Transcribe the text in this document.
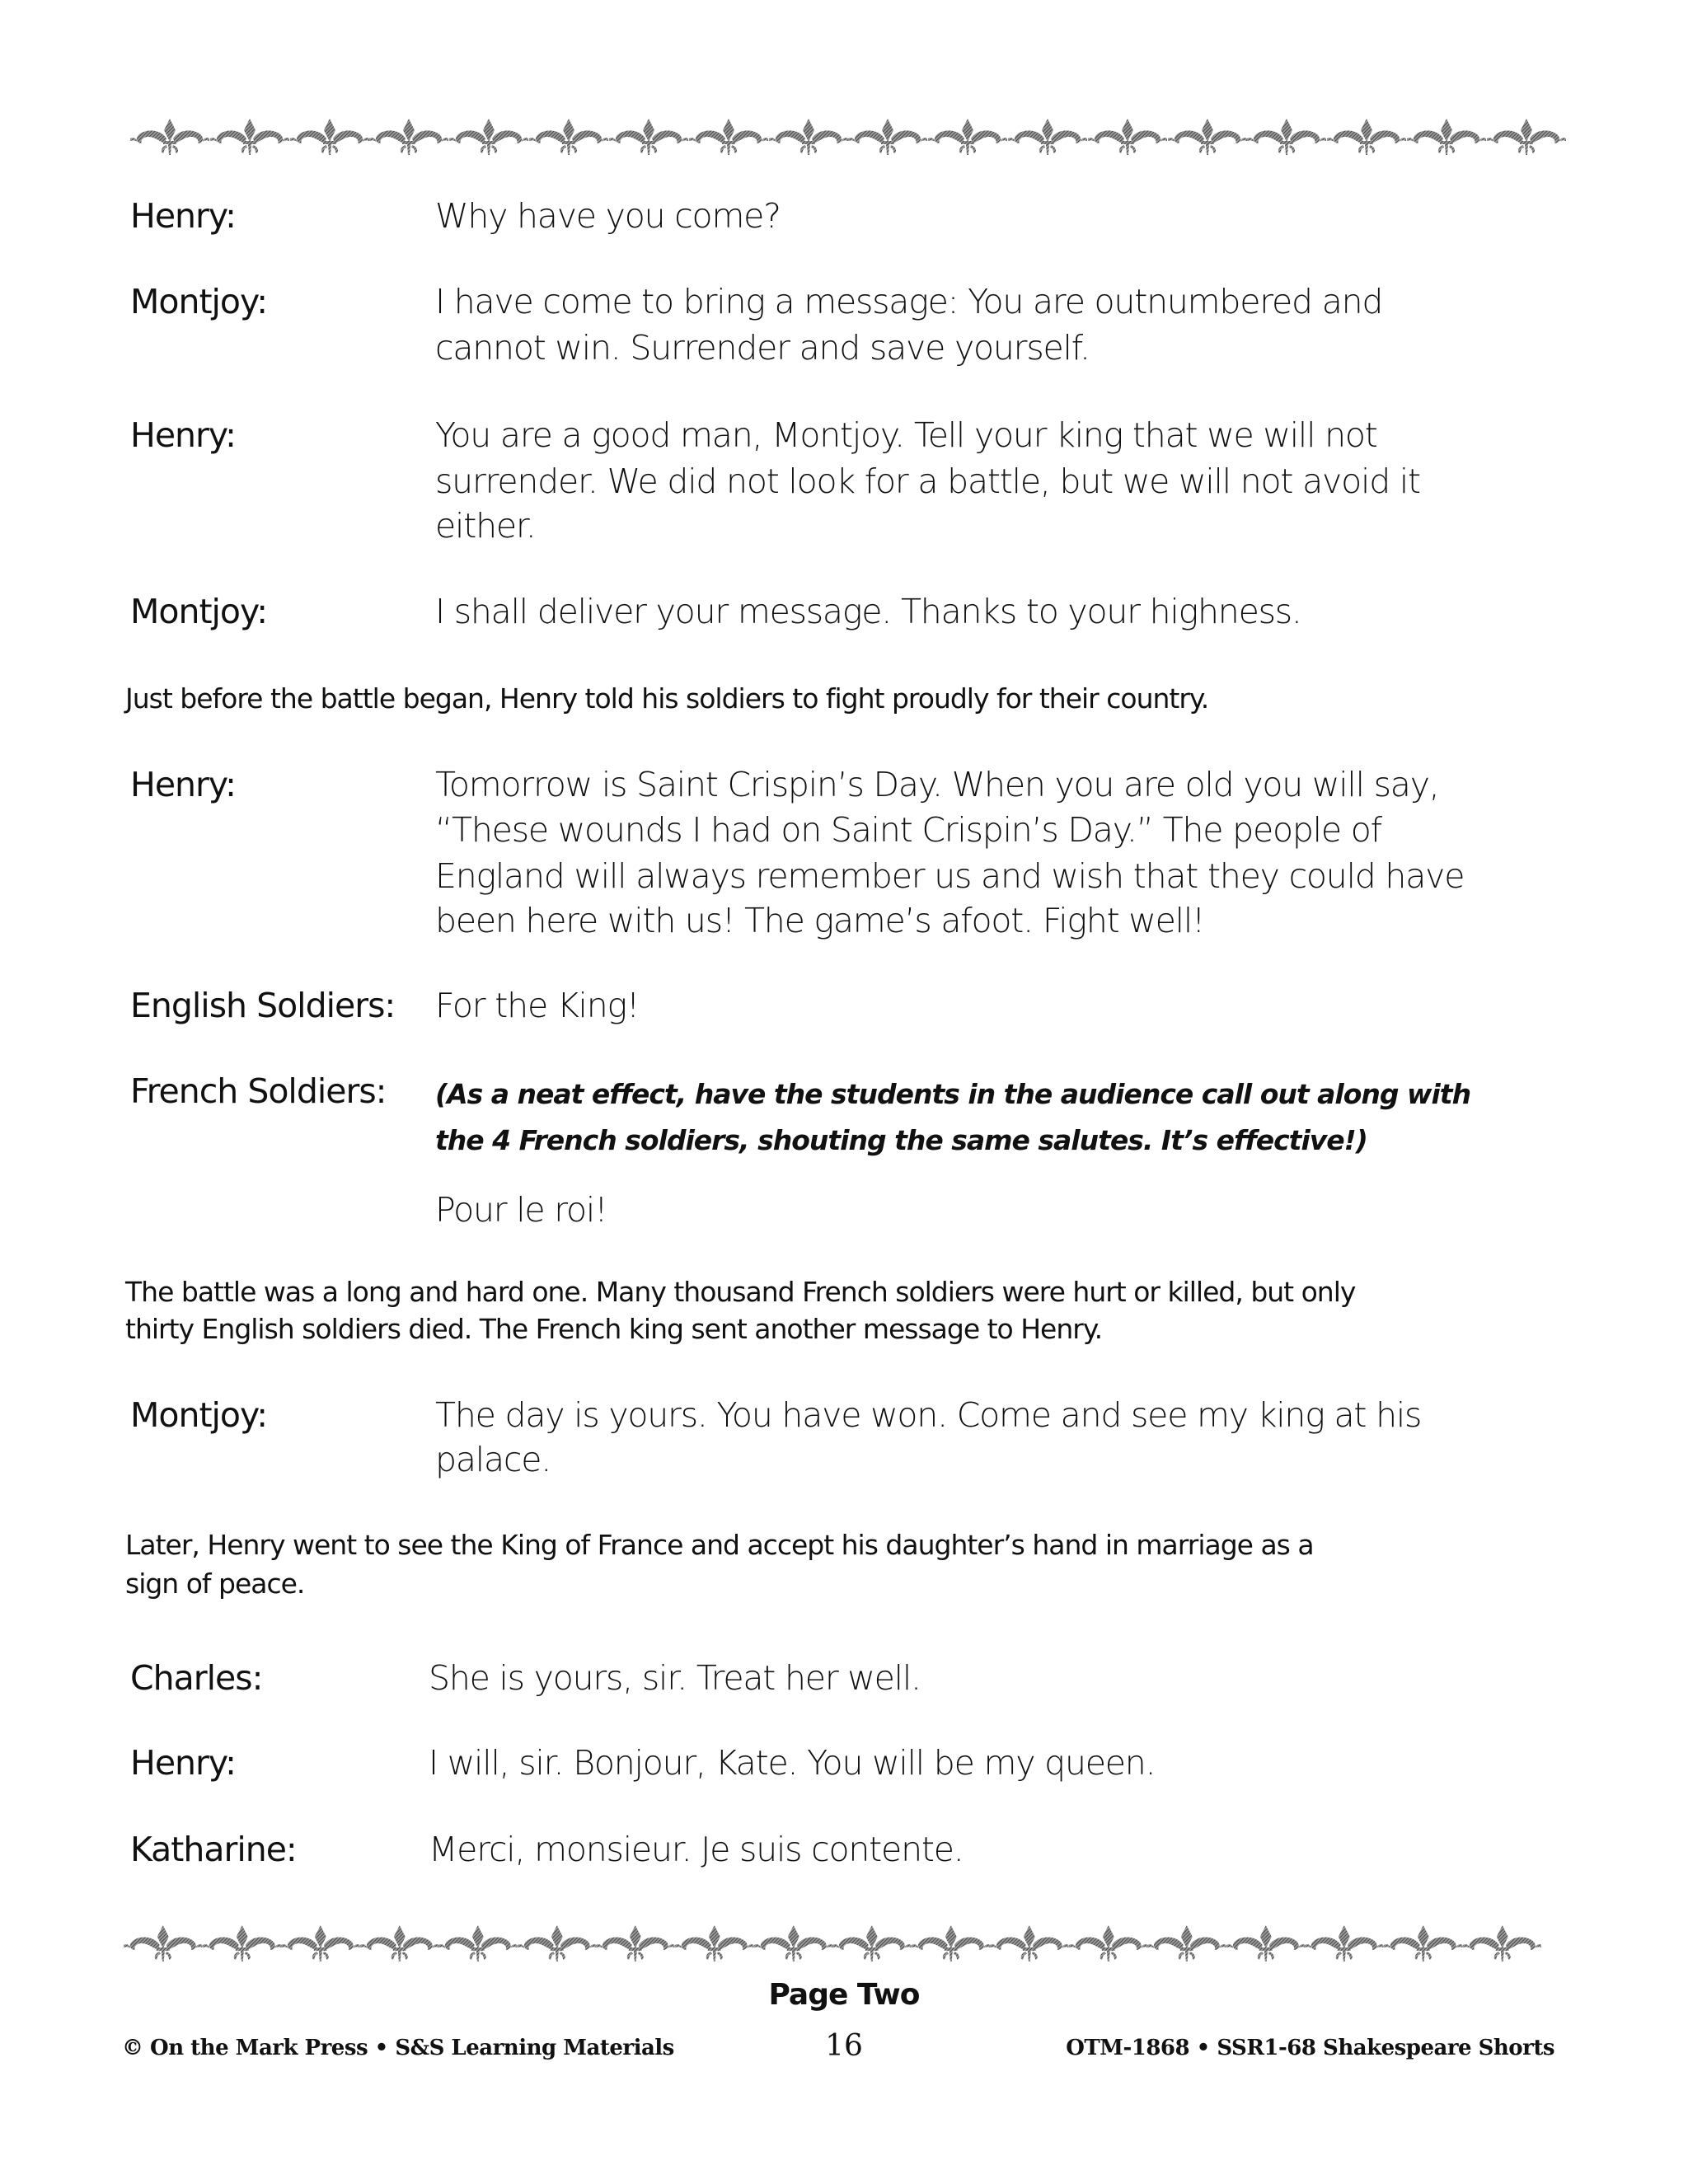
Henry:	Why have you come?
Montjoy:	I have come to bring a message: You are outnumbered and
cannot win. Surrender and save yourself.
Henry:	You are a good man, Montjoy. Tell your king that we will not
surrender. We did not look for a battle, but we will not avoid it
either.
Montjoy:	I shall deliver your message. Thanks to your highness.
Just before the battle began, Henry told his soldiers to fight proudly for their country.
Henry:	Tomorrow is Saint Crispin’s Day. When you are old you will say,
“These wounds I had on Saint Crispin’s Day.” The people of
England will always remember us and wish that they could have
been here with us! The game’s afoot. Fight well!
English Soldiers: For the King!
French Soldiers: (As a neat effect, have the students in the audience call out along with
the 4 French soldiers, shouting the same salutes. It’s effective!)
Pour le roi!
The battle was a long and hard one. Many thousand French soldiers were hurt or killed, but only
thirty English soldiers died. The French king sent another message to Henry.
Montjoy:	The day is yours. You have won. Come and see my king at his
palace.
Later, Henry went to see the King of France and accept his daughter’s hand in marriage as a
sign of peace.
Charles:	She is yours, sir. Treat her well.
Henry:	I will, sir. Bonjour, Kate. You will be my queen.
Katharine:	Merci, monsieur. Je suis contente.
Page Two
© On the Mark Press • S&S Learning Materials	16	OTM-1868 • SSR1-68 Shakespeare Shorts
